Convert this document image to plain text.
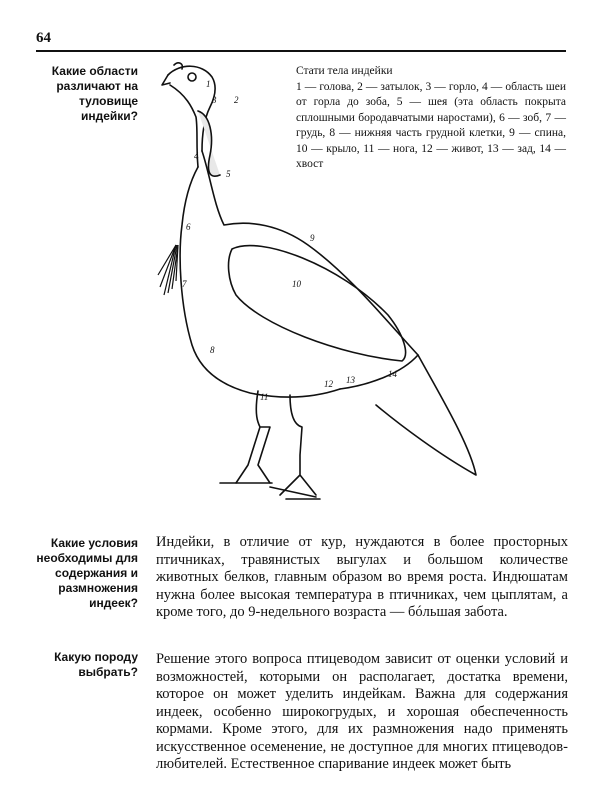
64
Какие области различают на туловище индейки?
1
2
3
4
5
6
7
8
9
10
11
12 13
14
Стати тела индейки
1 — голова, 2 — затылок, 3 — горло, 4 — область шеи от горла до зоба, 5 — шея (эта область покрыта сплошными бородавчатыми наростами), 6 — зоб, 7 — грудь, 8 — нижняя часть грудной клетки, 9 — спина, 10 — крыло, 11 — нога, 12 — живот, 13 — зад, 14 — хвост
Какие условия необходимы для содержания и размножения индеек?
Индейки, в отличие от кур, нуждаются в более просторных птичниках, травянистых выгулах и большом количестве животных белков, главным образом во время роста. Индюшатам нужна более высокая температура в птичниках, чем цыплятам, а кроме того, до 9-недельного возраста — бóльшая забота.
Какую породу выбрать?
Решение этого вопроса птицеводом зависит от оценки условий и возможностей, которыми он располагает, достатка времени, которое он может уделить индейкам. Важна для содержания индеек, особенно широкогрудых, и хорошая обеспеченность кормами. Кроме этого, для их размножения надо применять искусственное осеменение, не доступное для многих птицеводов-любителей. Естественное спаривание индеек может быть
